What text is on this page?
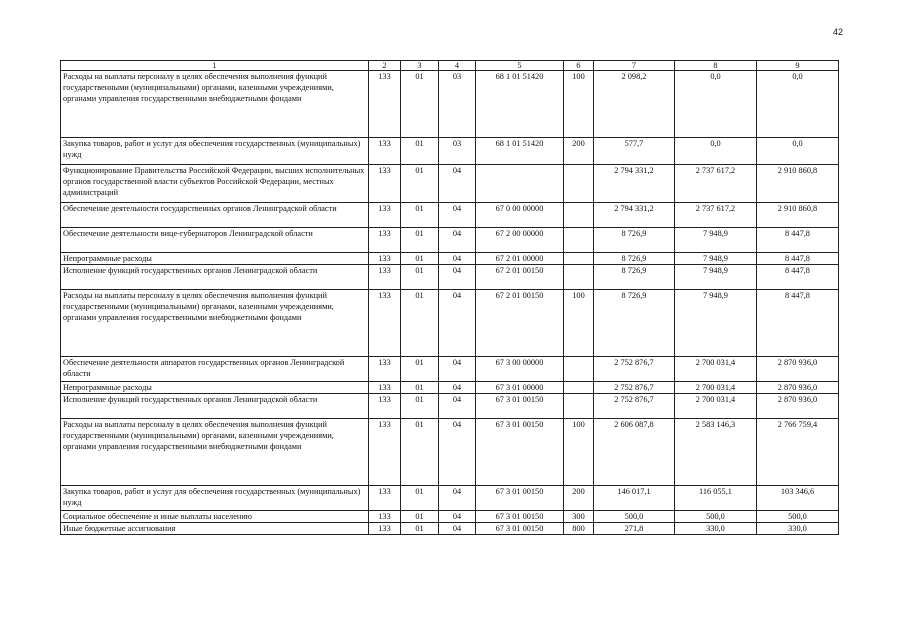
42
1	2	3	4	5	6	7	8	9
Расходы на выплаты персоналу в целях обеспечения выполнения функций государственными (муниципальными) органами, казенными учреждениями, органами управления государственными внебюджетными фондами	133	01	03	68 1 01 51420	100	2 098,2	0,0	0,0
Закупка товаров, работ и услуг для обеспечения государственных (муниципальных) нужд	133	01	03	68 1 01 51420	200	577,7	0,0	0,0
Функционирование Правительства Российской Федерации, высших исполнительных органов государственной власти субъектов Российской Федерации, местных администраций	133	01	04			2 794 331,2	2 737 617,2	2 910 860,8
Обеспечение деятельности государственных органов Ленинградской области	133	01	04	67 0 00 00000		2 794 331,2	2 737 617,2	2 910 860,8
Обеспечение деятельности вице-губернаторов Ленинградской области	133	01	04	67 2 00 00000		8 726,9	7 948,9	8 447,8
Непрограммные расходы	133	01	04	67 2 01 00000		8 726,9	7 948,9	8 447,8
Исполнение функций государственных органов Ленинградской области	133	01	04	67 2 01 00150		8 726,9	7 948,9	8 447,8
Расходы на выплаты персоналу в целях обеспечения выполнения функций государственными (муниципальными) органами, казенными учреждениями, органами управления государственными внебюджетными фондами	133	01	04	67 2 01 00150	100	8 726,9	7 948,9	8 447,8
Обеспечение деятельности аппаратов государственных органов Ленинградской области	133	01	04	67 3 00 00000		2 752 876,7	2 700 031,4	2 870 936,0
Непрограммные расходы	133	01	04	67 3 01 00000		2 752 876,7	2 700 031,4	2 870 936,0
Исполнение функций государственных органов Ленинградской области	133	01	04	67 3 01 00150		2 752 876,7	2 700 031,4	2 870 936,0
Расходы на выплаты персоналу в целях обеспечения выполнения функций государственными (муниципальными) органами, казенными учреждениями, органами управления государственными внебюджетными фондами	133	01	04	67 3 01 00150	100	2 606 087,8	2 583 146,3	2 766 759,4
Закупка товаров, работ и услуг для обеспечения государственных (муниципальных) нужд	133	01	04	67 3 01 00150	200	146 017,1	116 055,1	103 346,6
Социальное обеспечение и иные выплаты населению	133	01	04	67 3 01 00150	300	500,0	500,0	500,0
Иные бюджетные ассигнования	133	01	04	67 3 01 00150	800	271,8	330,0	330,0
